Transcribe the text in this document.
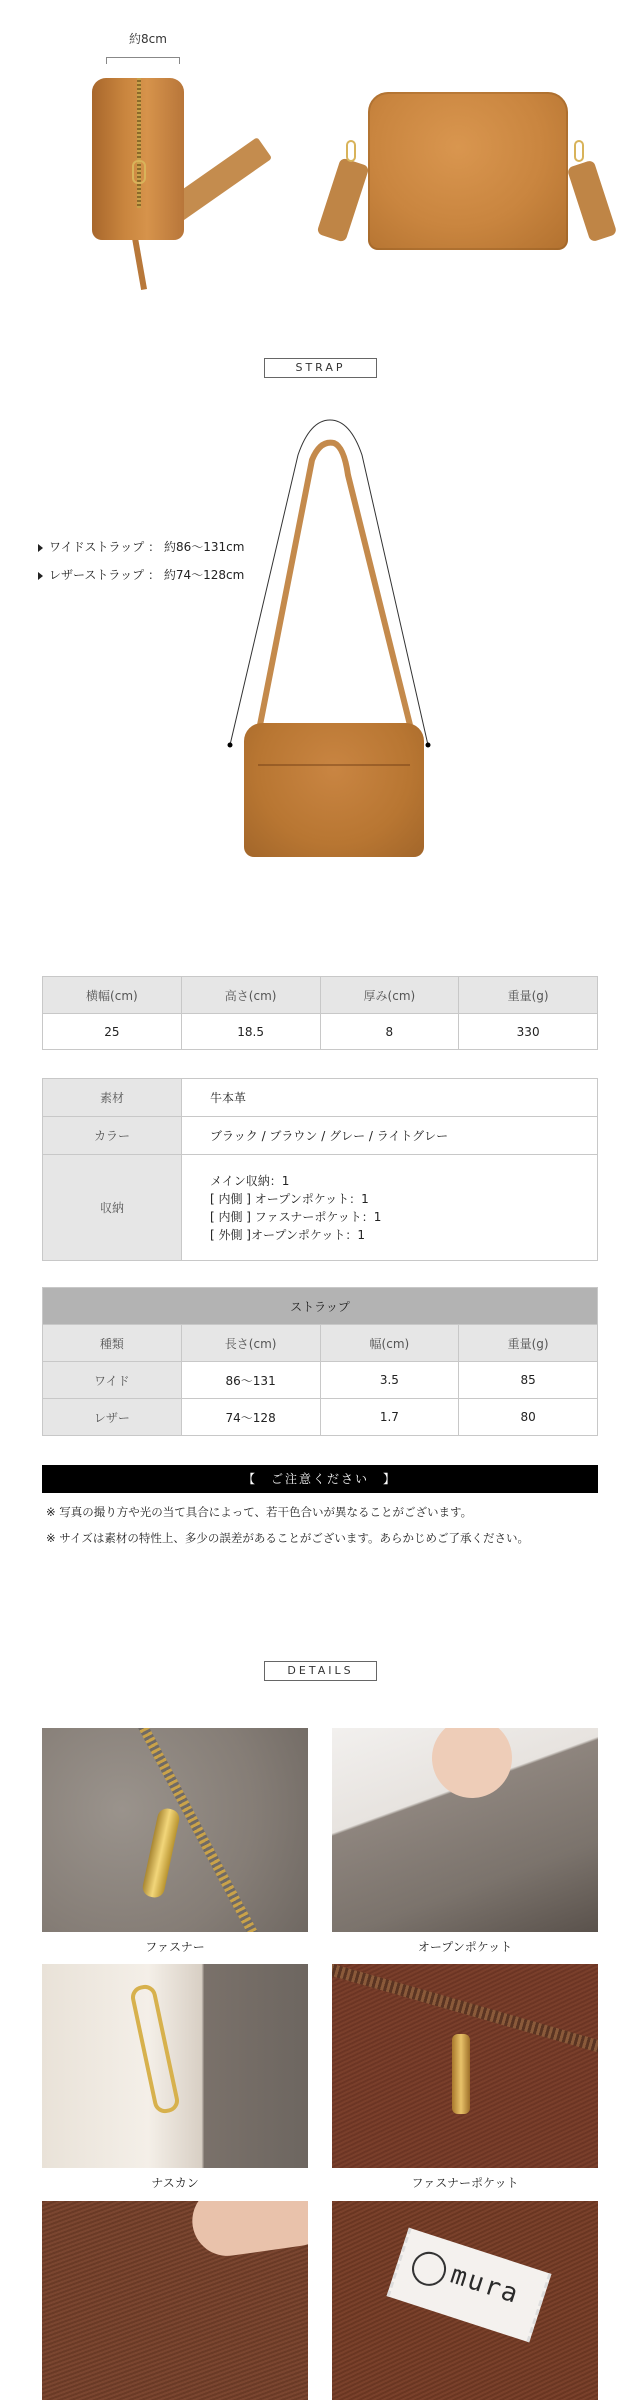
約8cm
STRAP
ワイドストラップ ： 約86〜131cm
レザーストラップ ： 約74〜128cm
横幅(cm)	高さ(cm)	厚み(cm)	重量(g)
25	18.5	8	330
素材	牛本革
カラー	ブラック / ブラウン / グレー / ライトグレー
収納	メイン収納：1
[ 内側 ] オープンポケット：1
[ 内側 ] ファスナーポケット：1
[ 外側 ]オープンポケット：1
ストラップ			
種類	長さ(cm)	幅(cm)	重量(g)
ワイド	86〜131	3.5	85
レザー	74〜128	1.7	80
【　ご注意ください　】
※ 写真の撮り方や光の当て具合によって、若干色合いが異なることがございます。
※ サイズは素材の特性上、多少の誤差があることがございます。あらかじめご了承ください。
DETAILS
ファスナー	オープンポケット
ナスカン	ファスナーポケット
mura
